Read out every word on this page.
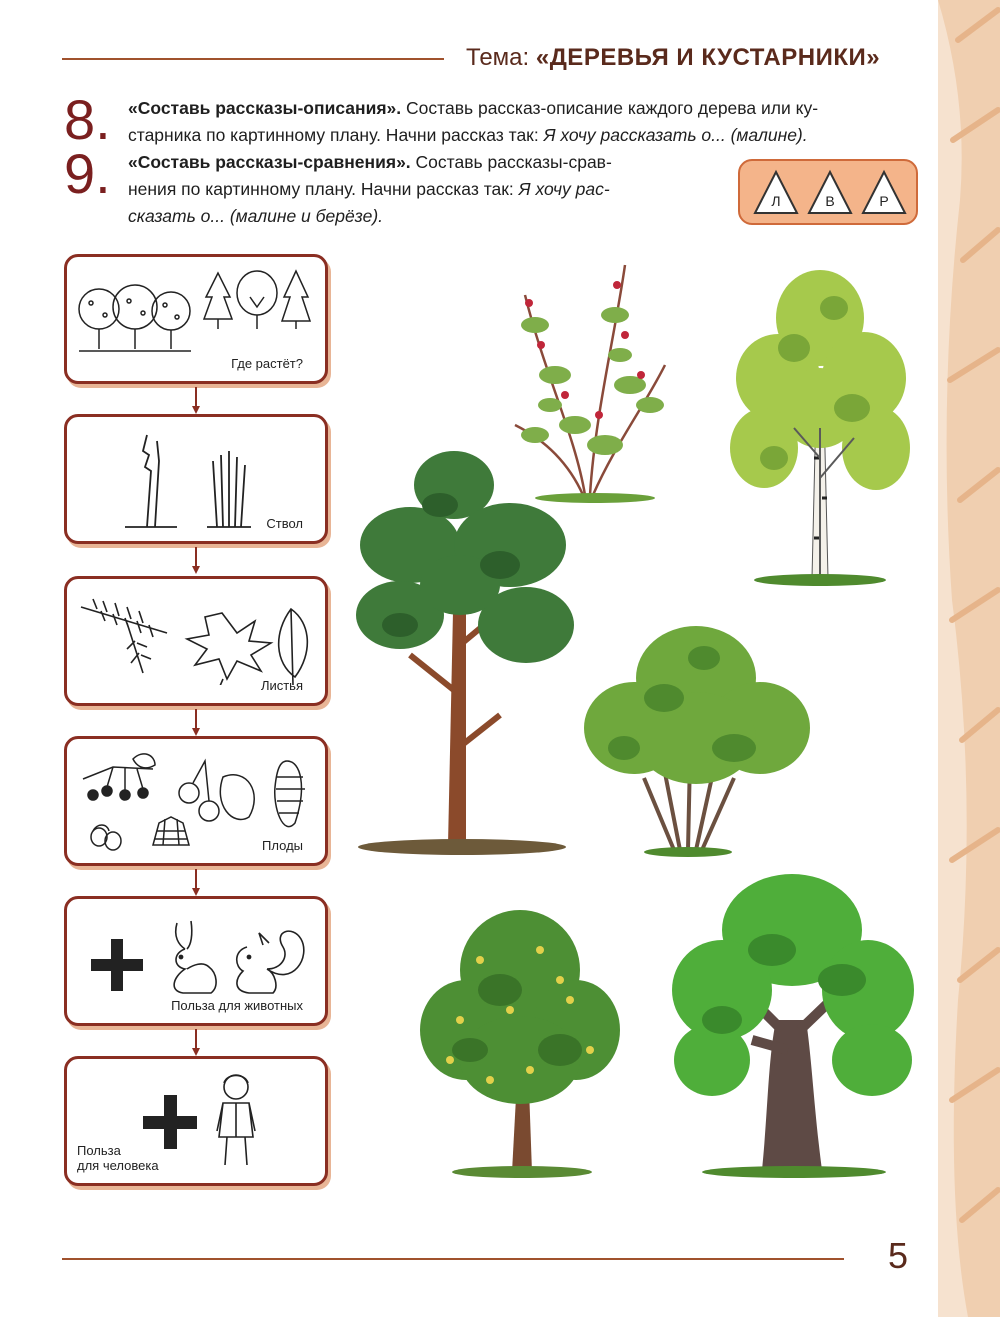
Тема: «ДЕРЕВЬЯ И КУСТАРНИКИ»
8. «Составь рассказы-описания». Составь рассказ-описание каждого дерева или ку-
старника по картинному плану. Начни рассказ так: Я хочу рассказать о... (малине).
9. «Составь рассказы-сравнения». Составь рассказы-срав-
нения по картинному плану. Начни рассказ так: Я хочу рас-
сказать о... (малине и берёзе).
Л	В	Р
Где растёт?
Ствол
Листья
Плоды
Польза для животных
Польза
для человека
5
